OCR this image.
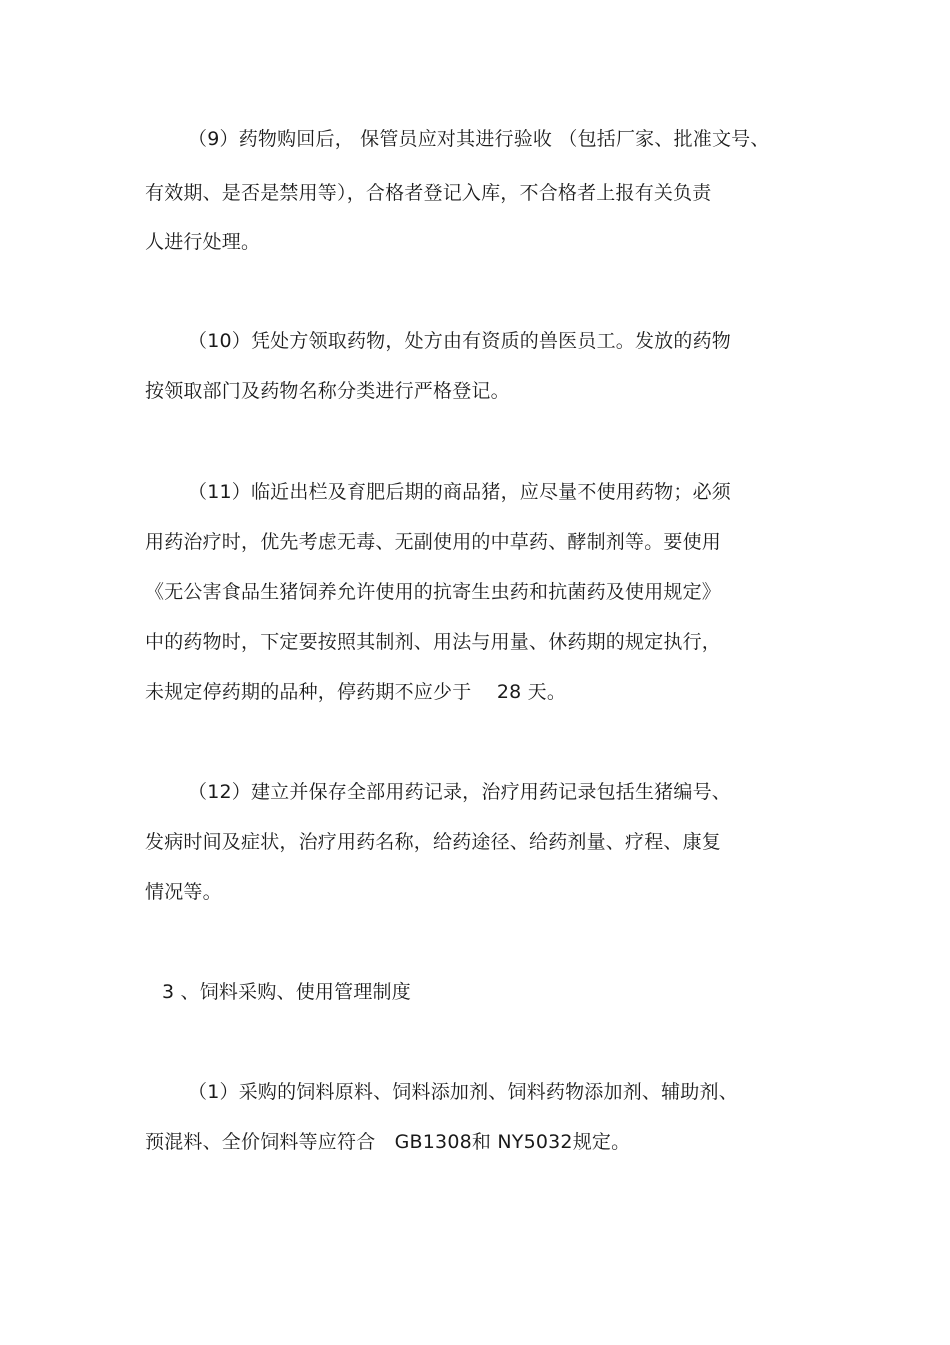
（9）药物购回后， 保管员应对其进行验收 （包括厂家、批准文号、
有效期、是否是禁用等），合格者登记入库，不合格者上报有关负责
人进行处理。
（10）凭处方领取药物，处方由有资质的兽医员工。发放的药物
按领取部门及药物名称分类进行严格登记。
（11）临近出栏及育肥后期的商品猪，应尽量不使用药物；必须
用药治疗时，优先考虑无毒、无副使用的中草药、酵制剂等。要使用
《无公害食品生猪饲养允许使用的抗寄生虫药和抗菌药及使用规定》
中的药物时，下定要按照其制剂、用法与用量、休药期的规定执行，
未规定停药期的品种，停药期不应少于　 28 天。
（12）建立并保存全部用药记录，治疗用药记录包括生猪编号、
发病时间及症状，治疗用药名称，给药途径、给药剂量、疗程、康复
情况等。
3 、饲料采购、使用管理制度
（1）采购的饲料原料、饲料添加剂、饲料药物添加剂、辅助剂、
预混料、全价饲料等应符合　GB1308和 NY5032规定。
